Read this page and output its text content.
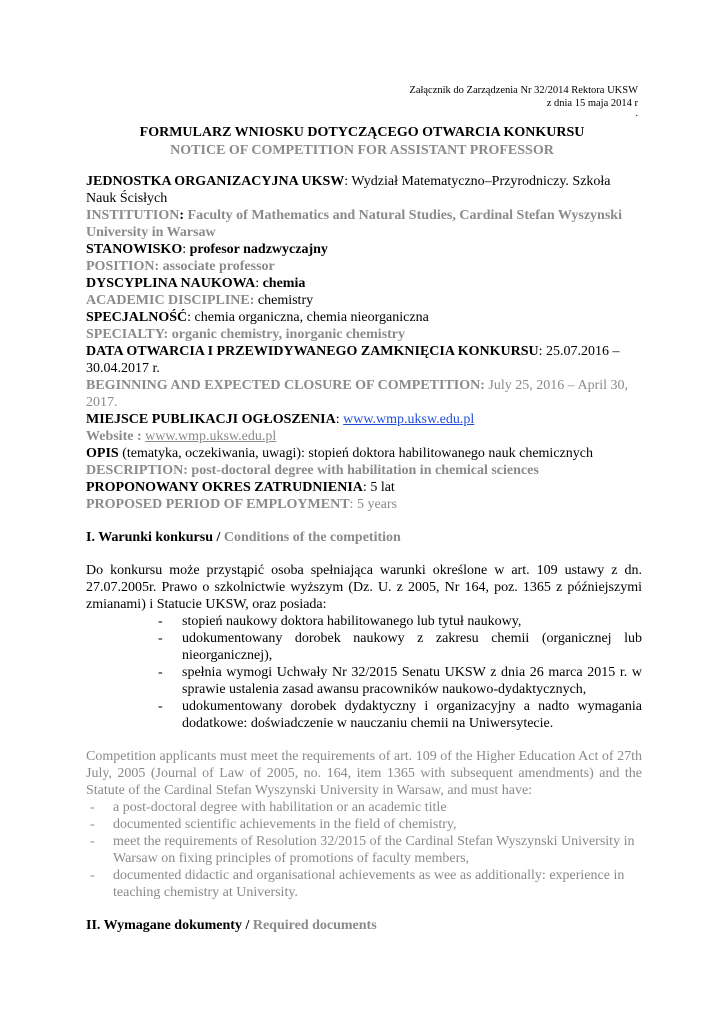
Załącznik do Zarządzenia Nr 32/2014 Rektora UKSW
z dnia 15 maja 2014 r
.
FORMULARZ WNIOSKU DOTYCZĄCEGO OTWARCIA KONKURSU
NOTICE OF COMPETITION FOR ASSISTANT PROFESSOR

JEDNOSTKA ORGANIZACYJNA UKSW: Wydział Matematyczno–Przyrodniczy. Szkoła Nauk Ścisłych

INSTITUTION: Faculty of Mathematics and Natural Studies, Cardinal Stefan Wyszynski University in Warsaw

STANOWISKO: profesor nadzwyczajny

POSITION: associate professor

DYSCYPLINA NAUKOWA: chemia

ACADEMIC DISCIPLINE: chemistry

SPECJALNOŚĆ: chemia organiczna, chemia nieorganiczna

SPECIALTY: organic chemistry, inorganic chemistry

DATA OTWARCIA I PRZEWIDYWANEGO ZAMKNIĘCIA KONKURSU: 25.07.2016 – 30.04.2017 r.

BEGINNING AND EXPECTED CLOSURE OF COMPETITION: July 25, 2016 – April 30, 2017.

MIEJSCE PUBLIKACJI OGŁOSZENIA: www.wmp.uksw.edu.pl

Website : www.wmp.uksw.edu.pl

OPIS (tematyka, oczekiwania, uwagi): stopień doktora habilitowanego nauk chemicznych

DESCRIPTION: post-doctoral degree with habilitation in chemical sciences

PROPONOWANY OKRES ZATRUDNIENIA: 5 lat

PROPOSED PERIOD OF EMPLOYMENT: 5 years

I. Warunki konkursu / Conditions of the competition

Do konkursu może przystąpić osoba spełniająca warunki określone w art. 109 ustawy z dn. 27.07.2005r. Prawo o szkolnictwie wyższym (Dz. U. z 2005, Nr 164, poz. 1365 z późniejszymi zmianami) i Statucie UKSW, oraz posiada:

- stopień naukowy doktora habilitowanego lub tytuł naukowy,
- udokumentowany dorobek naukowy z zakresu chemii (organicznej lub nieorganicznej),
- spełnia wymogi Uchwały Nr 32/2015 Senatu UKSW z dnia 26 marca 2015 r. w sprawie ustalenia zasad awansu pracowników naukowo-dydaktycznych,
- udokumentowany dorobek dydaktyczny i organizacyjny a nadto wymagania dodatkowe: doświadczenie w nauczaniu chemii na Uniwersytecie.

Competition applicants must meet the requirements of art. 109 of the Higher Education Act of 27th July, 2005 (Journal of Law of 2005, no. 164, item 1365 with subsequent amendments) and the Statute of the Cardinal Stefan Wyszynski University in Warsaw, and must have:

- a post-doctoral degree with habilitation or an academic title
- documented scientific achievements in the field of chemistry,
- meet the requirements of Resolution 32/2015 of the Cardinal Stefan Wyszynski University in Warsaw on fixing principles of promotions of faculty members,
- documented didactic and organisational achievements as wee as additionally: experience in teaching chemistry at University.

II. Wymagane dokumenty / Required documents
